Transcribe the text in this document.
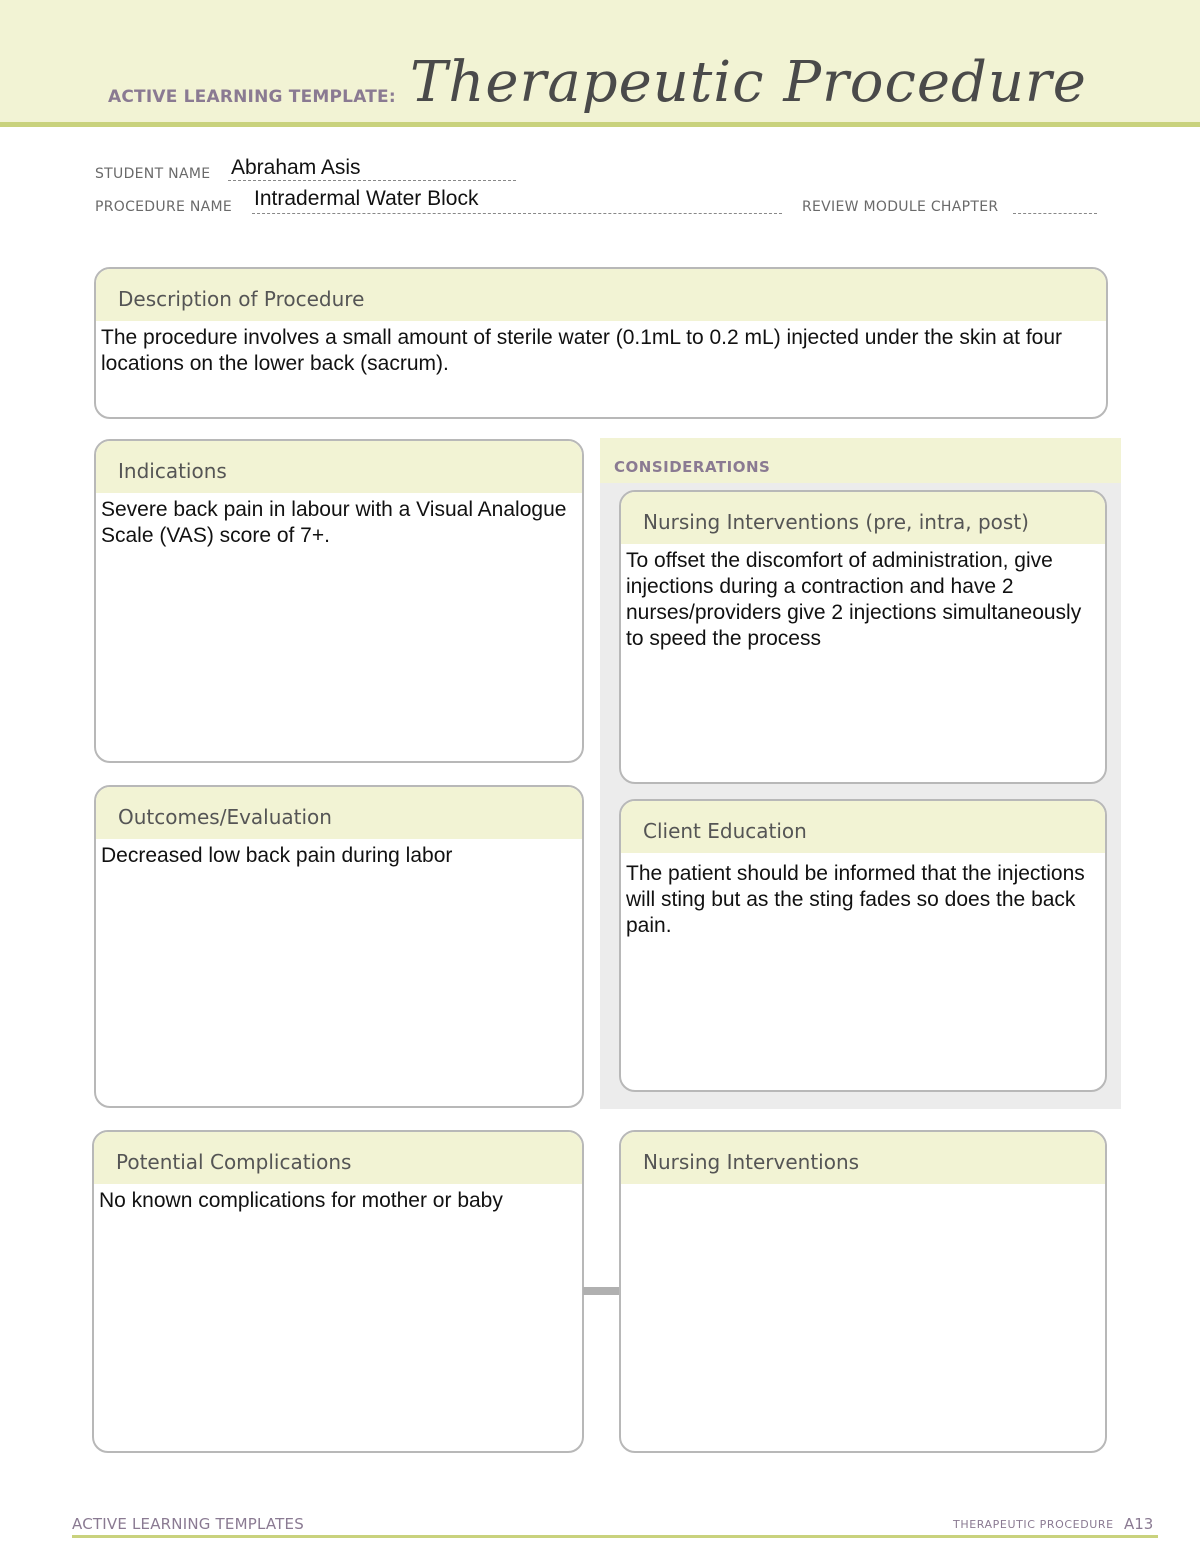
ACTIVE LEARNING TEMPLATE: Therapeutic Procedure
STUDENT NAME Abraham Asis
PROCEDURE NAME Intradermal Water Block	REVIEW MODULE CHAPTER
Description of Procedure
The procedure involves a small amount of sterile water (0.1mL to 0.2 mL) injected under the skin at four locations on the lower back (sacrum).
Indications
Severe back pain in labour with a Visual Analogue Scale (VAS) score of 7+.
CONSIDERATIONS
Nursing Interventions (pre, intra, post)
To offset the discomfort of administration, give injections during a contraction and have 2 nurses/providers give 2 injections simultaneously to speed the process
Client Education
The patient should be informed that the injections will sting but as the sting fades so does the back pain.
Outcomes/Evaluation
Decreased low back pain during labor
Potential Complications
No known complications for mother or baby
Nursing Interventions
ACTIVE LEARNING TEMPLATES	THERAPEUTIC PROCEDURE A13
